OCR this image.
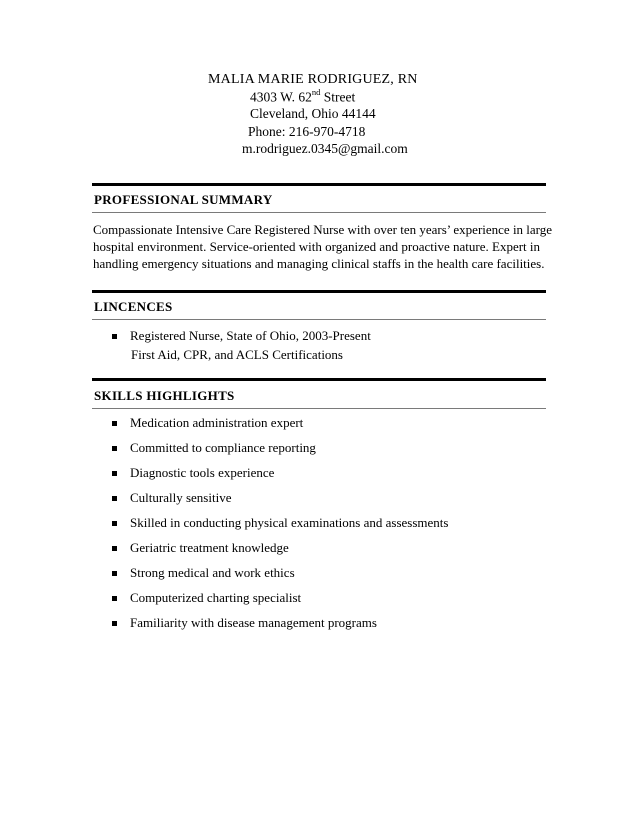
MALIA MARIE RODRIGUEZ, RN
4303 W. 62nd Street
Cleveland, Ohio 44144
Phone: 216-970-4718
m.rodriguez.0345@gmail.com
PROFESSIONAL SUMMARY
Compassionate Intensive Care Registered Nurse with over ten years’ experience in large
hospital environment. Service-oriented with organized and proactive nature. Expert in
handling emergency situations and managing clinical staffs in the health care facilities.
LINCENCES
Registered Nurse, State of Ohio, 2003-Present
First Aid, CPR, and ACLS Certifications
SKILLS HIGHLIGHTS
Medication administration expert
Committed to compliance reporting
Diagnostic tools experience
Culturally sensitive
Skilled in conducting physical examinations and assessments
Geriatric treatment knowledge
Strong medical and work ethics
Computerized charting specialist
Familiarity with disease management programs
